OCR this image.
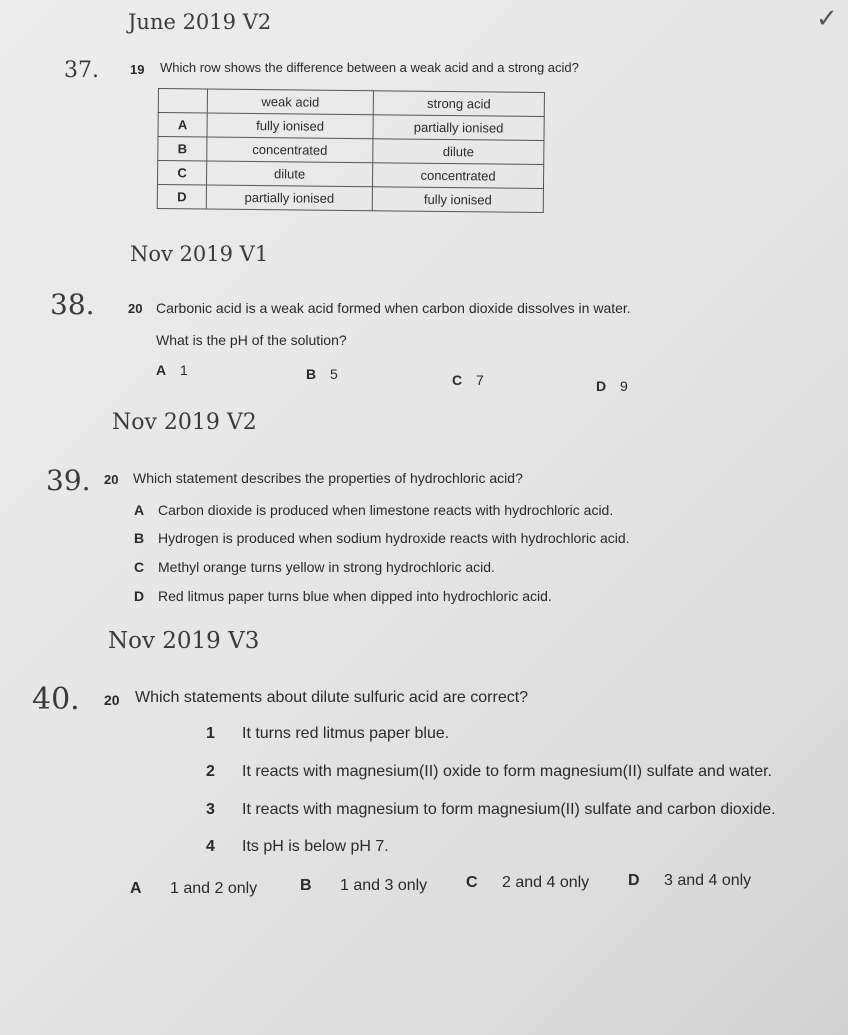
June 2019 V2	✓
37. 19 Which row shows the difference between a weak acid and a strong acid?
	weak acid	strong acid
A	fully ionised	partially ionised
B	concentrated	dilute
C	dilute	concentrated
D	partially ionised	fully ionised
Nov 2019 V1
38.	20 Carbonic acid is a weak acid formed when carbon dioxide dissolves in water.
What is the pH of the solution?
A 1	B 5	C 7	D 9
Nov 2019 V2
39. 20 Which statement describes the properties of hydrochloric acid?
A Carbon dioxide is produced when limestone reacts with hydrochloric acid.
B Hydrogen is produced when sodium hydroxide reacts with hydrochloric acid.
C Methyl orange turns yellow in strong hydrochloric acid.
D Red litmus paper turns blue when dipped into hydrochloric acid.
Nov 2019 V3
40. 20 Which statements about dilute sulfuric acid are correct?
1 It turns red litmus paper blue.
2 It reacts with magnesium(II) oxide to form magnesium(II) sulfate and water.
3 It reacts with magnesium to form magnesium(II) sulfate and carbon dioxide.
4 Its pH is below pH 7.
A 1 and 2 only	B 1 and 3 only C 2 and 4 only D 3 and 4 only
